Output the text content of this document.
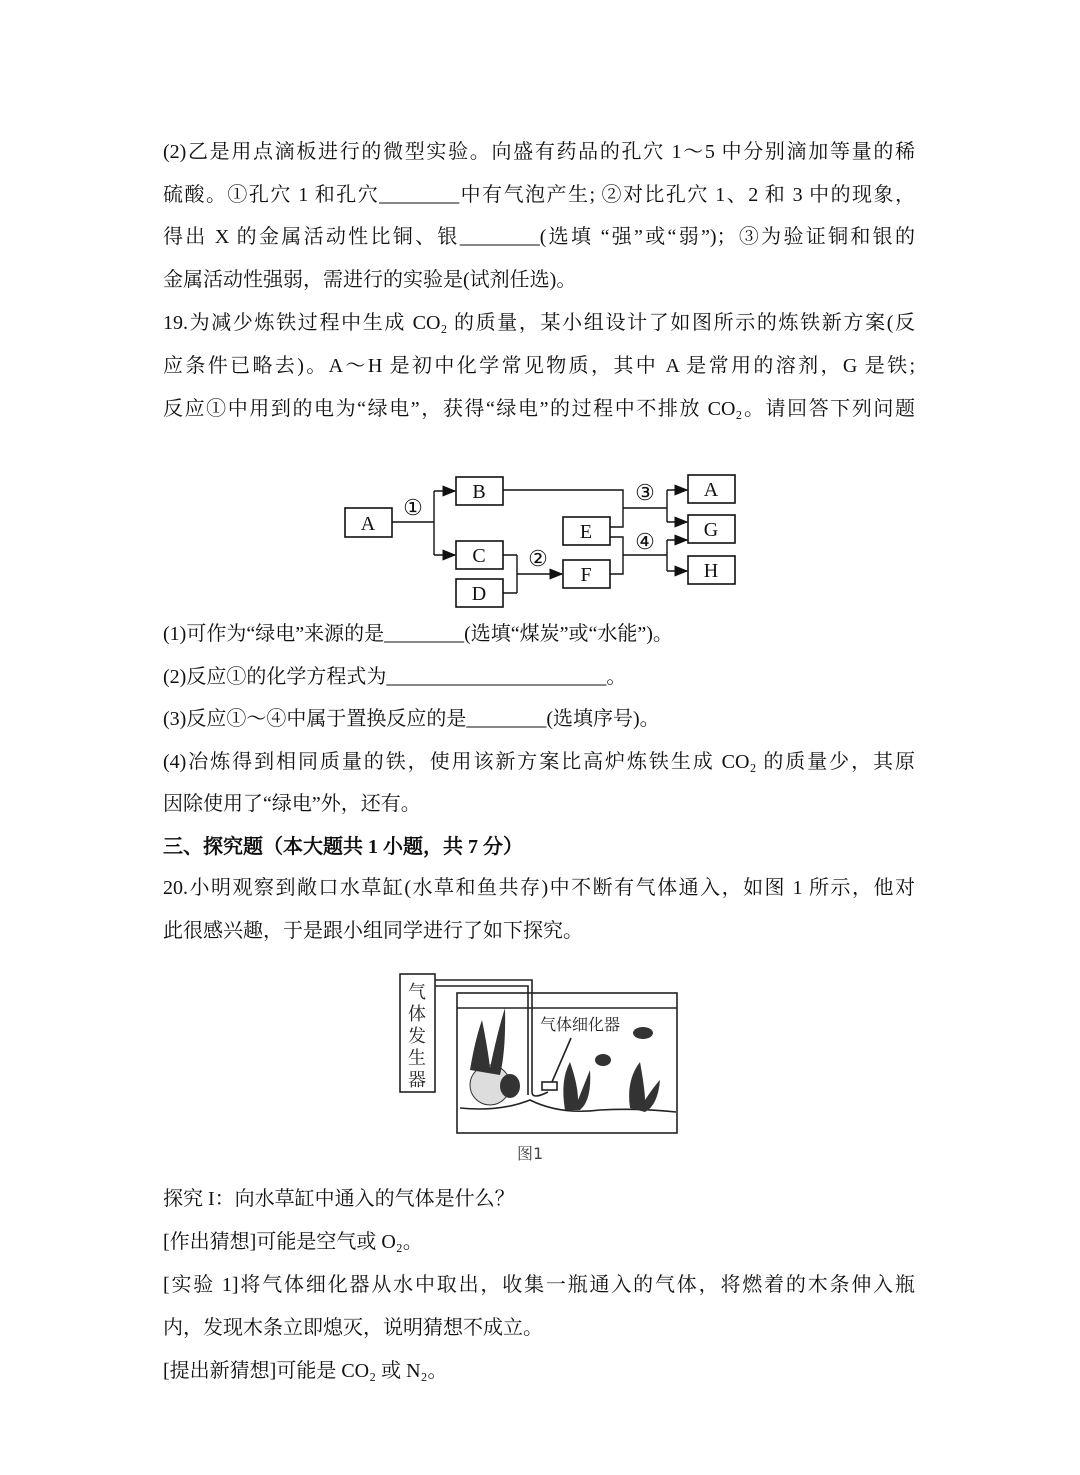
(2)乙是用点滴板进行的微型实验。向盛有药品的孔穴 1～5 中分别滴加等量的稀
硫酸。①孔穴 1 和孔穴________中有气泡产生; ②对比孔穴 1、2 和 3 中的现象，
得出 X 的金属活动性比铜、银________(选填 “强”或“弱”)；③为验证铜和银的
金属活动性强弱，需进行的实验是(试剂任选)。
19.为减少炼铁过程中生成 CO₂ 的质量，某小组设计了如图所示的炼铁新方案(反
应条件已略去)。A～H 是初中化学常见物质，其中 A 是常用的溶剂，G 是铁;
反应①中用到的电为“绿电”，获得“绿电”的过程中不排放 CO₂。请回答下列问题
(1)可作为“绿电”来源的是________(选填“煤炭”或“水能”)。
(2)反应①的化学方程式为______________________。
(3)反应①～④中属于置换反应的是________(选填序号)。
(4)冶炼得到相同质量的铁，使用该新方案比高炉炼铁生成 CO₂ 的质量少，其原
因除使用了“绿电”外，还有。
三、探究题（本大题共 1 小题，共 7 分）
20.小明观察到敞口水草缸(水草和鱼共存)中不断有气体通入，如图 1 所示，他对
此很感兴趣，于是跟小组同学进行了如下探究。
探究 I：向水草缸中通入的气体是什么？
[作出猜想]可能是空气或 O₂。
[实验 1]将气体细化器从水中取出，收集一瓶通入的气体，将燃着的木条伸入瓶
内，发现木条立即熄灭，说明猜想不成立。
[提出新猜想]可能是 CO₂ 或 N₂。
A
B
C
D
E
F
A
G
H
①
②
③
④
气
体
发
生
器
气体细化器
图1
